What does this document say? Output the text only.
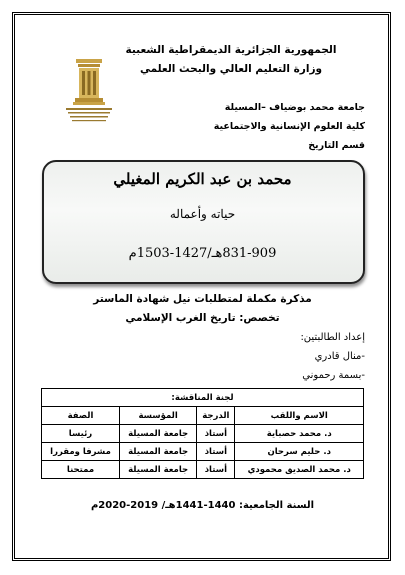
الجمهورية الجزائرية الديمقراطية الشعبية
وزارة التعليم العالي والبحث العلمي
جامعة محمد بوضياف –المسيلة
كلية العلوم الإنسانية والاجتماعية
قسم التاريخ
محمد بن عبد الكريم المغيلي
حياته وأعماله
831-909هـ/1427-1503م
مذكرة مكملة لمتطلبات نيل شهادة الماستر
تخصص: تاريخ الغرب الإسلامي
إعداد الطالبتين:
-منال قادري
-بسمة رحموني
لجنة المناقشة:			
الاسم واللقب	الدرجة	المؤسسة	الصفة
د. محمد حصباية	أستاذ	جامعة المسيلة	رئيسا
د. حليم سرحان	أستاذ	جامعة المسيلة	مشرفا ومقررا
د. محمد الصديق محمودي	أستاذ	جامعة المسيلة	ممتحنا
السنة الجامعية: 1440-1441هـ/ 2019-2020م
